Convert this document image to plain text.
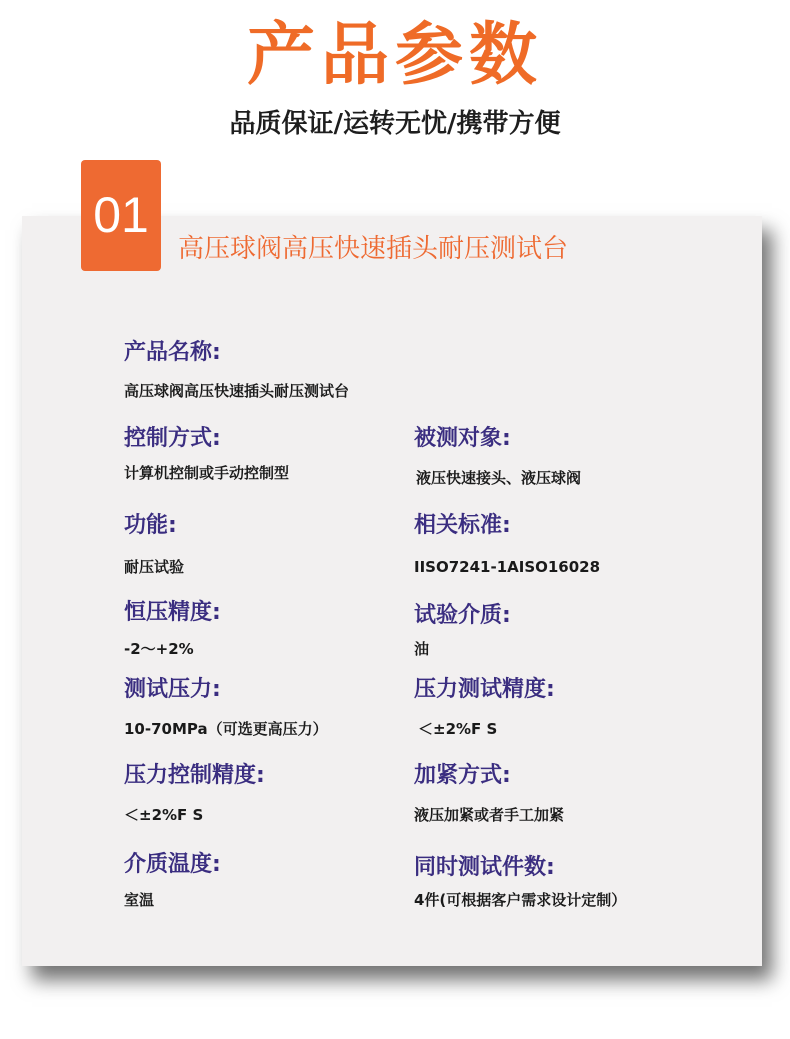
产品参数
品质保证/运转无忧/携带方便
01
高压球阀高压快速插头耐压测试台
产品名称:
高压球阀高压快速插头耐压测试台
控制方式:
计算机控制或手动控制型
被测对象:
液压快速接头、液压球阀
功能:
耐压试验
相关标准:
IISO7241-1AISO16028
恒压精度:
-2～+2%
试验介质:
油
测试压力:
10-70MPa（可选更高压力）
压力测试精度:
＜±2%F S
压力控制精度:
＜±2%F S
加紧方式:
液压加紧或者手工加紧
介质温度:
室温
同时测试件数:
4件(可根据客户需求设计定制）
